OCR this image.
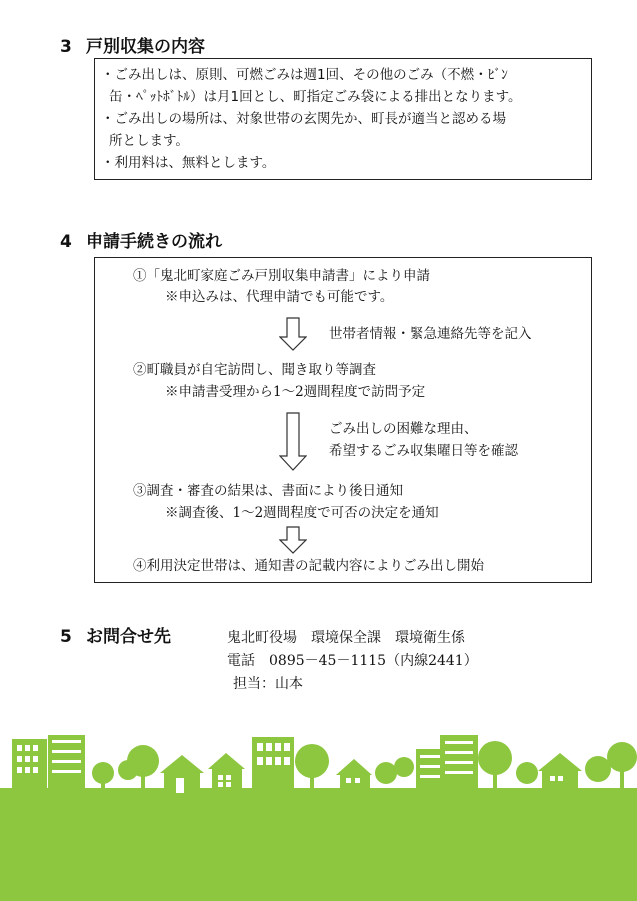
3 戸別収集の内容
・ごみ出しは、原則、可燃ごみは週1回、その他のごみ（不燃・ﾋﾞﾝ
缶・ﾍﾟｯﾄﾎﾞﾄﾙ）は月1回とし、町指定ごみ袋による排出となります。
・ごみ出しの場所は、対象世帯の玄関先か、町長が適当と認める場
所とします。
・利用料は、無料とします。
4 申請手続きの流れ
①「鬼北町家庭ごみ戸別収集申請書」により申請
※申込みは、代理申請でも可能です。
世帯者情報・緊急連絡先等を記入
②町職員が自宅訪問し、聞き取り等調査
※申請書受理から1～2週間程度で訪問予定
ごみ出しの困難な理由、
希望するごみ収集曜日等を確認
③調査・審査の結果は、書面により後日通知
※調査後、1～2週間程度で可否の決定を通知
④利用決定世帯は、通知書の記載内容によりごみ出し開始
5 お問合せ先	鬼北町役場　環境保全課　環境衛生係
電話　0895－45－1115（内線2441）
担当：山本
